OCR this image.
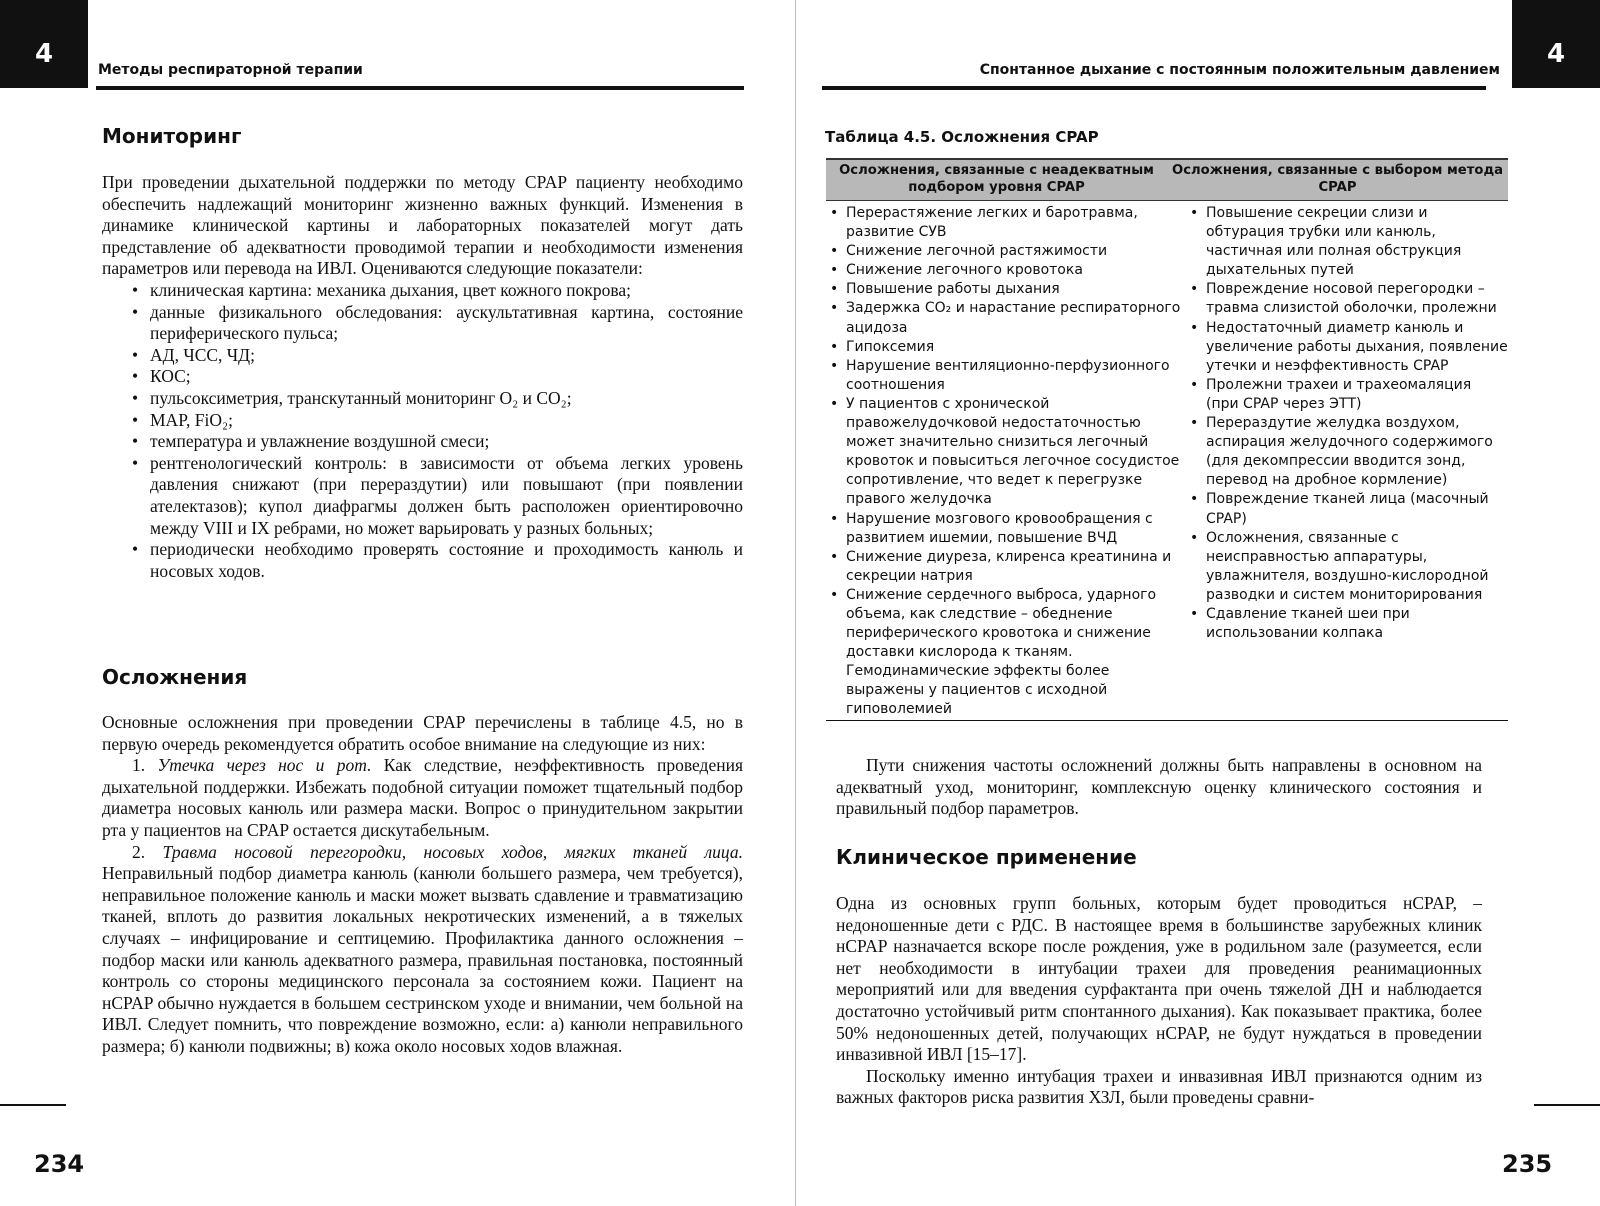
4
Методы респираторной терапии
Мониторинг

При проведении дыхательной поддержки по методу CPAP пациенту необходимо обеспечить надлежащий мониторинг жизненно важных функций. Изменения в динамике клинической картины и лабораторных показателей могут дать представление об адекватности проводимой терапии и необходимости изменения параметров или перевода на ИВЛ. Оцениваются следующие показатели:

• клиническая картина: механика дыхания, цвет кожного покрова;
• данные физикального обследования: аускультативная картина, состояние периферического пульса;
• АД, ЧСС, ЧД;
• КОС;
• пульсоксиметрия, транскутанный мониторинг O₂ и CO₂;
• MAP, FiO₂;
• температура и увлажнение воздушной смеси;
• рентгенологический контроль: в зависимости от объема легких уровень давления снижают (при перераздутии) или повышают (при появлении ателектазов); купол диафрагмы должен быть расположен ориентировочно между VIII и IX ребрами, но может варьировать у разных больных;
• периодически необходимо проверять состояние и проходимость канюль и носовых ходов.
Осложнения

Основные осложнения при проведении CPAP перечислены в таблице 4.5, но в первую очередь рекомендуется обратить особое внимание на следующие из них:

1. Утечка через нос и рот. Как следствие, неэффективность проведения дыхательной поддержки. Избежать подобной ситуации поможет тщательный подбор диаметра носовых канюль или размера маски. Вопрос о принудительном закрытии рта у пациентов на CPAP остается дискутабельным.

2. Травма носовой перегородки, носовых ходов, мягких тканей лица. Неправильный подбор диаметра канюль (канюли большего размера, чем требуется), неправильное положение канюль и маски может вызвать сдавление и травматизацию тканей, вплоть до развития локальных некротических изменений, а в тяжелых случаях – инфицирование и септицемию. Профилактика данного осложнения – подбор маски или канюль адекватного размера, правильная постановка, постоянный контроль со стороны медицинского персонала за состоянием кожи. Пациент на нCPAP обычно нуждается в большем сестринском уходе и внимании, чем больной на ИВЛ. Следует помнить, что повреждение возможно, если: а) канюли неправильного размера; б) канюли подвижны; в) кожа около носовых ходов влажная.

234
4
Спонтанное дыхание с постоянным положительным давлением
Таблица 4.5. Осложнения CPAP
Осложнения, связанные с неадекватным подбором уровня CPAP
Осложнения, связанные с выбором метода CPAP
• Перерастяжение легких и баротравма, развитие СУВ
• Снижение легочной растяжимости
• Снижение легочного кровотока
• Повышение работы дыхания
• Задержка CO₂ и нарастание респираторного ацидоза
• Гипоксемия
• Нарушение вентиляционно-перфузионного соотношения
• У пациентов с хронической правожелудочковой недостаточностью может значительно снизиться легочный кровоток и повыситься легочное сосудистое сопротивление, что ведет к перегрузке правого желудочка
• Нарушение мозгового кровообращения с развитием ишемии, повышение ВЧД
• Снижение диуреза, клиренса креатинина и секреции натрия
• Снижение сердечного выброса, ударного объема, как следствие – обеднение периферического кровотока и снижение доставки кислорода к тканям. Гемодинамические эффекты более выражены у пациентов с исходной гиповолемией
• Повышение секреции слизи и обтурация трубки или канюль, частичная или полная обструкция дыхательных путей
• Повреждение носовой перегородки – травма слизистой оболочки, пролежни
• Недостаточный диаметр канюль и увеличение работы дыхания, появление утечки и неэффективность CPAP
• Пролежни трахеи и трахеомаляция (при CPAP через ЭТТ)
• Перераздутие желудка воздухом, аспирация желудочного содержимого (для декомпрессии вводится зонд, перевод на дробное кормление)
• Повреждение тканей лица (масочный CPAP)
• Осложнения, связанные с неисправностью аппаратуры, увлажнителя, воздушно-кислородной разводки и систем мониторирования
• Сдавление тканей шеи при использовании колпака
Пути снижения частоты осложнений должны быть направлены в основном на адекватный уход, мониторинг, комплексную оценку клинического состояния и правильный подбор параметров.
Клиническое применение

Одна из основных групп больных, которым будет проводиться нCPAP, – недоношенные дети с РДС. В настоящее время в большинстве зарубежных клиник нCPAP назначается вскоре после рождения, уже в родильном зале (разумеется, если нет необходимости в интубации трахеи для проведения реанимационных мероприятий или для введения сурфактанта при очень тяжелой ДН и наблюдается достаточно устойчивый ритм спонтанного дыхания). Как показывает практика, более 50% недоношенных детей, получающих нCPAP, не будут нуждаться в проведении инвазивной ИВЛ [15–17].

Поскольку именно интубация трахеи и инвазивная ИВЛ признаются одним из важных факторов риска развития ХЗЛ, были проведены сравни-

235
